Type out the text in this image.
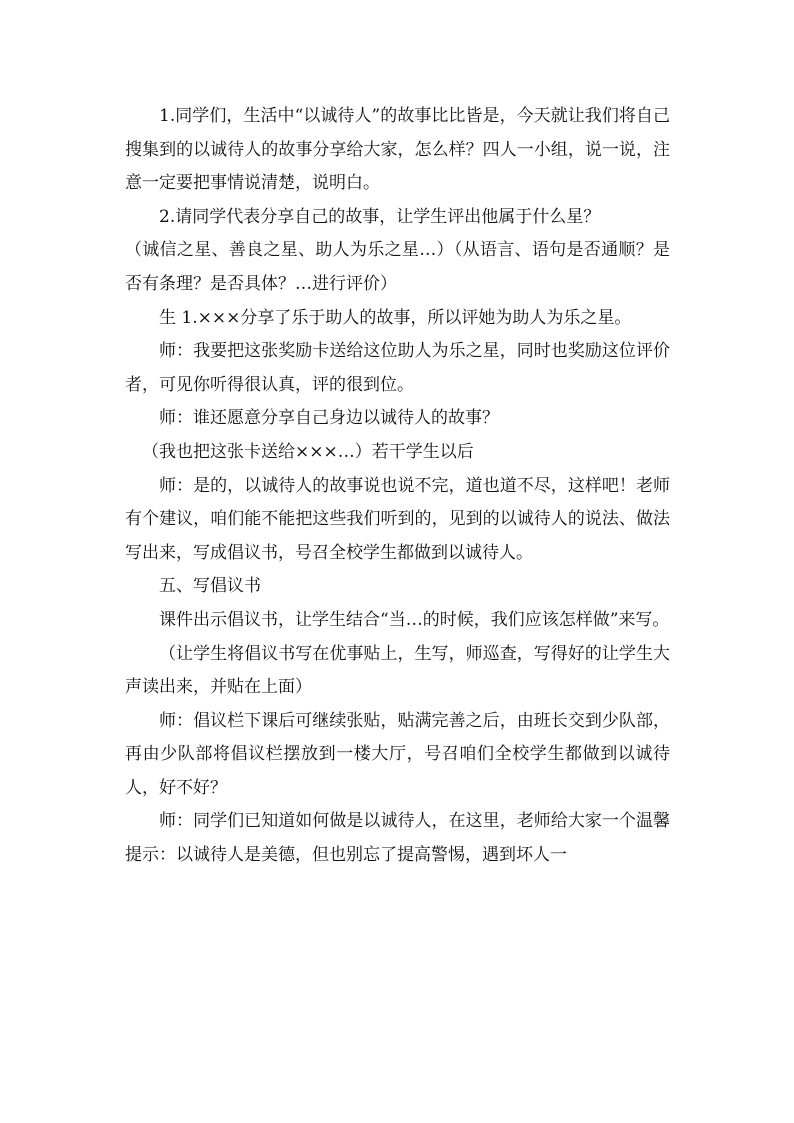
1.同学们，生活中“以诚待人”的故事比比皆是，今天就让我们将自己搜集到的以诚待人的故事分享给大家，怎么样？四人一小组，说一说，注意一定要把事情说清楚，说明白。

2.请同学代表分享自己的故事，让学生评出他属于什么星？

（诚信之星、善良之星、助人为乐之星…）（从语言、语句是否通顺？是否有条理？是否具体？…进行评价）

生 1.×××分享了乐于助人的故事，所以评她为助人为乐之星。

师：我要把这张奖励卡送给这位助人为乐之星，同时也奖励这位评价者，可见你听得很认真，评的很到位。

师：谁还愿意分享自己身边以诚待人的故事？

（我也把这张卡送给×××…）若干学生以后

师：是的，以诚待人的故事说也说不完，道也道不尽，这样吧！老师有个建议，咱们能不能把这些我们听到的，见到的以诚待人的说法、做法写出来，写成倡议书，号召全校学生都做到以诚待人。

五、写倡议书

课件出示倡议书，让学生结合“当…的时候，我们应该怎样做”来写。

（让学生将倡议书写在优事贴上，生写，师巡查，写得好的让学生大声读出来，并贴在上面）

师：倡议栏下课后可继续张贴，贴满完善之后，由班长交到少队部，再由少队部将倡议栏摆放到一楼大厅，号召咱们全校学生都做到以诚待人，好不好？

师：同学们已知道如何做是以诚待人，在这里，老师给大家一个温馨提示：以诚待人是美德，但也别忘了提高警惕，遇到坏人一
